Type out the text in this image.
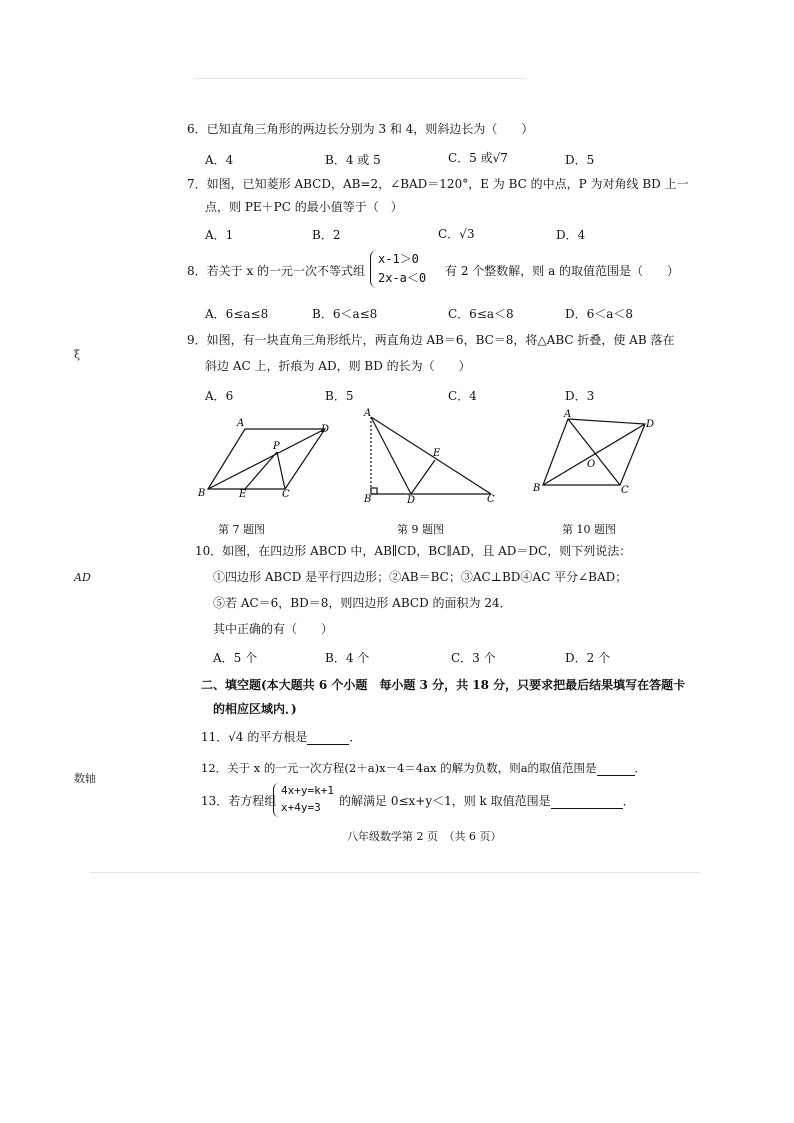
ξ
AD
数轴
6．已知直角三角形的两边长分别为 3 和 4，则斜边长为（　　）
A．4	B．4 或 5	C．5 或√7	D．5
7．如图，已知菱形 ABCD，AB=2，∠BAD＝120°，E 为 BC 的中点，P 为对角线 BD 上一
点，则 PE＋PC 的最小值等于（　）
A．1	B．2	C．√3	D．4
8．若关于 x 的一元一次不等式组
x-1＞0
2x-a＜0 有 2 个整数解，则 a 的取值范围是（　　）
A．6≤a≤8	B．6＜a≤8	C．6≤a＜8	D．6＜a＜8
9．如图，有一块直角三角形纸片，两直角边 AB＝6，BC＝8，将△ABC 折叠，使 AB 落在
斜边 AC 上，折痕为 AD，则 BD 的长为（　　）
A．6	B．5	C．4	D．3
B
A
D
C
E
P
A
B	D	C
E
A
D
B	C
O
第 7 题图	第 9 题图	第 10 题图
10．如图，在四边形 ABCD 中，AB∥CD，BC∥AD，且 AD＝DC，则下列说法：
①四边形 ABCD 是平行四边形；②AB＝BC；③AC⊥BD④AC 平分∠BAD；
⑤若 AC＝6，BD＝8，则四边形 ABCD 的面积为 24．
其中正确的有（　　）
A．5 个	B．4 个	C．3 个	D．2 个
二、填空题(本大题共 6 个小题　每小题 3 分，共 18 分，只要求把最后结果填写在答题卡
的相应区域内．)
11．√4 的平方根是	．
12．关于 x 的一元一次方程(2＋a)x－4＝4ax 的解为负数，则a的取值范围是	．
13．若方程组
4x+y=k+1
x+4y=3 的解满足 0≤x+y＜1，则 k 取值范围是	．
八年级数学第 2 页　（共 6 页）
